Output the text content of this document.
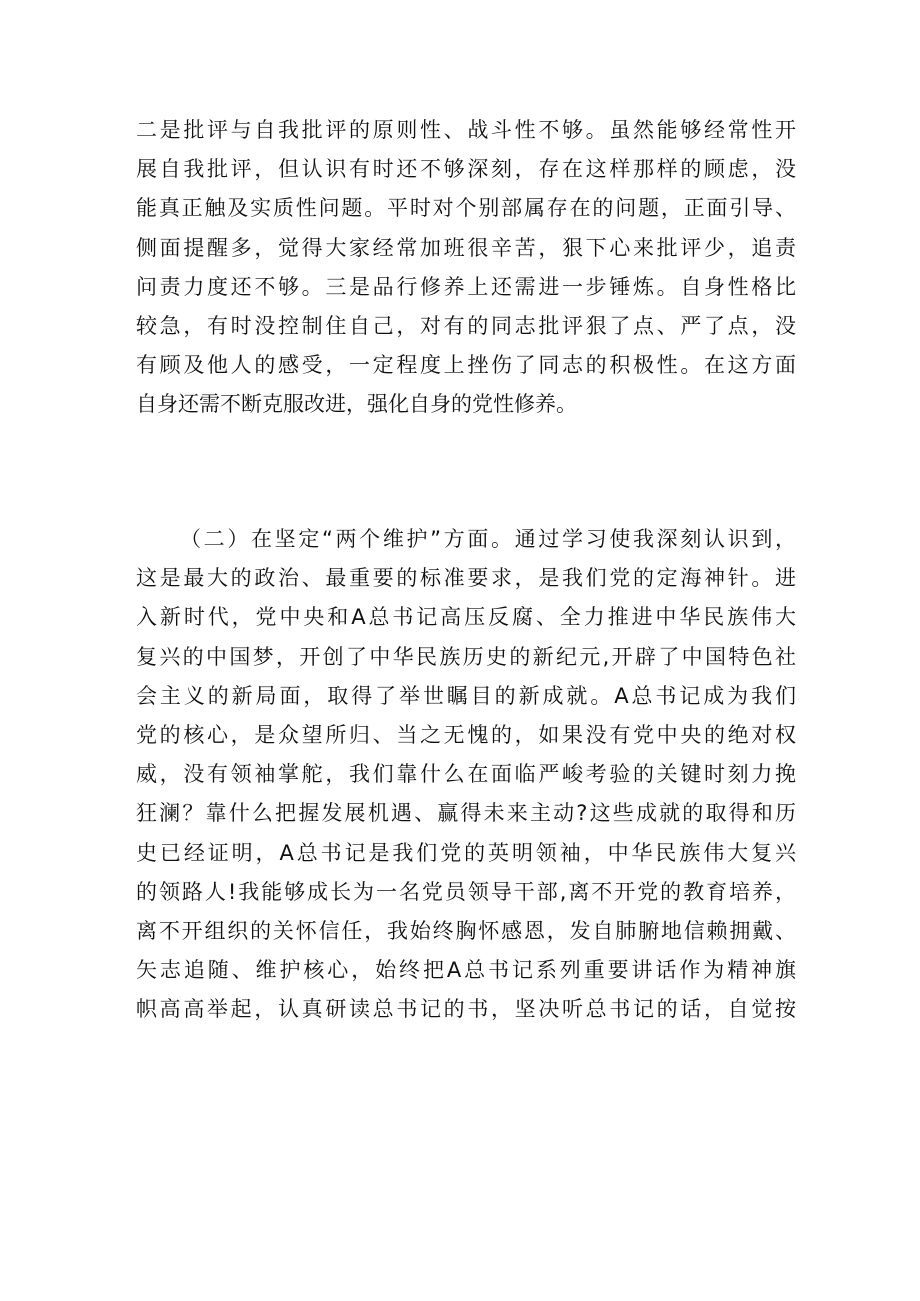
二是批评与自我批评的原则性、战斗性不够。虽然能够经常性开
展自我批评，但认识有时还不够深刻，存在这样那样的顾虑，没
能真正触及实质性问题。平时对个别部属存在的问题，正面引导、
侧面提醒多，觉得大家经常加班很辛苦，狠下心来批评少，追责
问责力度还不够。三是品行修养上还需进一步锤炼。自身性格比
较急，有时没控制住自己，对有的同志批评狠了点、严了点，没
有顾及他人的感受，一定程度上挫伤了同志的积极性。在这方面
自身还需不断克服改进，强化自身的党性修养。
（二）在坚定“两个维护”方面。通过学习使我深刻认识到，
这是最大的政治、最重要的标准要求，是我们党的定海神针。进
入新时代，党中央和A总书记高压反腐、全力推进中华民族伟大
复兴的中国梦，开创了中华民族历史的新纪元,开辟了中国特色社
会主义的新局面，取得了举世瞩目的新成就。A总书记成为我们
党的核心，是众望所归、当之无愧的，如果没有党中央的绝对权
威，没有领袖掌舵，我们靠什么在面临严峻考验的关键时刻力挽
狂澜？靠什么把握发展机遇、赢得未来主动?这些成就的取得和历
史已经证明，A总书记是我们党的英明领袖，中华民族伟大复兴
的领路人!我能够成长为一名党员领导干部,离不开党的教育培养，
离不开组织的关怀信任，我始终胸怀感恩，发自肺腑地信赖拥戴、
矢志追随、维护核心，始终把A总书记系列重要讲话作为精神旗
帜高高举起，认真研读总书记的书，坚决听总书记的话，自觉按
